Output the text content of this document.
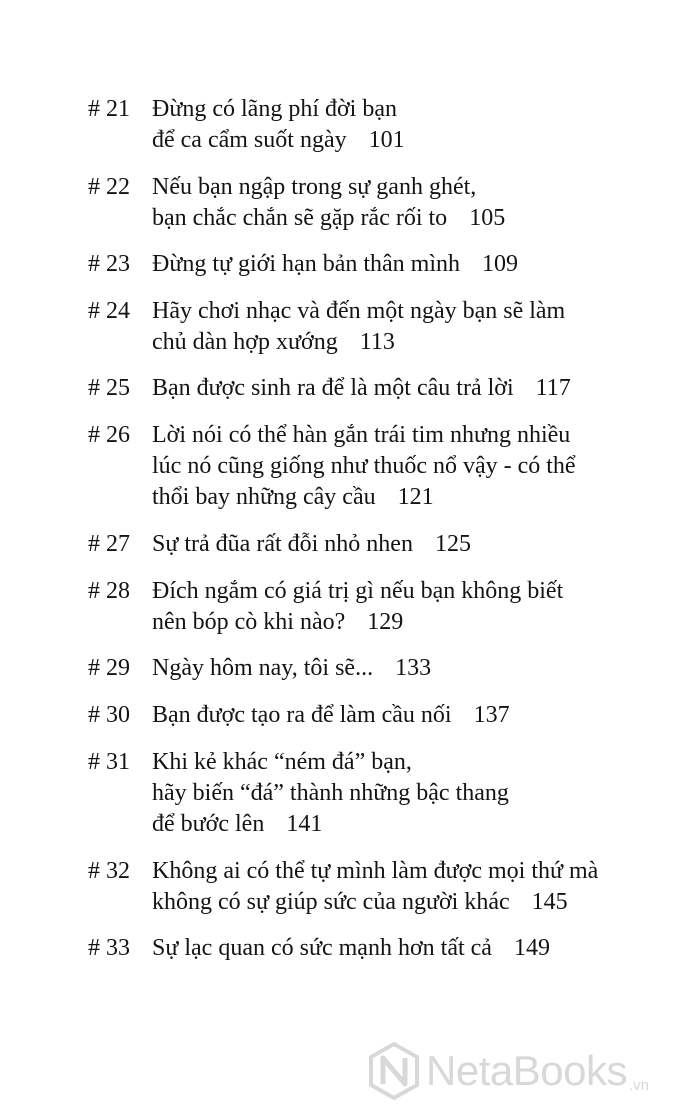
# 21 Đừng có lãng phí đời bạn
để ca cẩm suốt ngày 101
# 22 Nếu bạn ngập trong sự ganh ghét,
bạn chắc chắn sẽ gặp rắc rối to 105
# 23 Đừng tự giới hạn bản thân mình 109
# 24 Hãy chơi nhạc và đến một ngày bạn sẽ làm
chủ dàn hợp xướng 113
# 25 Bạn được sinh ra để là một câu trả lời 117
# 26 Lời nói có thể hàn gắn trái tim nhưng nhiều
lúc nó cũng giống như thuốc nổ vậy - có thể
thổi bay những cây cầu 121
# 27 Sự trả đũa rất đỗi nhỏ nhen 125
# 28 Đích ngắm có giá trị gì nếu bạn không biết
nên bóp cò khi nào? 129
# 29 Ngày hôm nay, tôi sẽ... 133
# 30 Bạn được tạo ra để làm cầu nối 137
# 31 Khi kẻ khác “ném đá” bạn,
hãy biến “đá” thành những bậc thang
để bước lên 141
# 32 Không ai có thể tự mình làm được mọi thứ mà
không có sự giúp sức của người khác 145
# 33 Sự lạc quan có sức mạnh hơn tất cả 149
NetaBooks .vn
